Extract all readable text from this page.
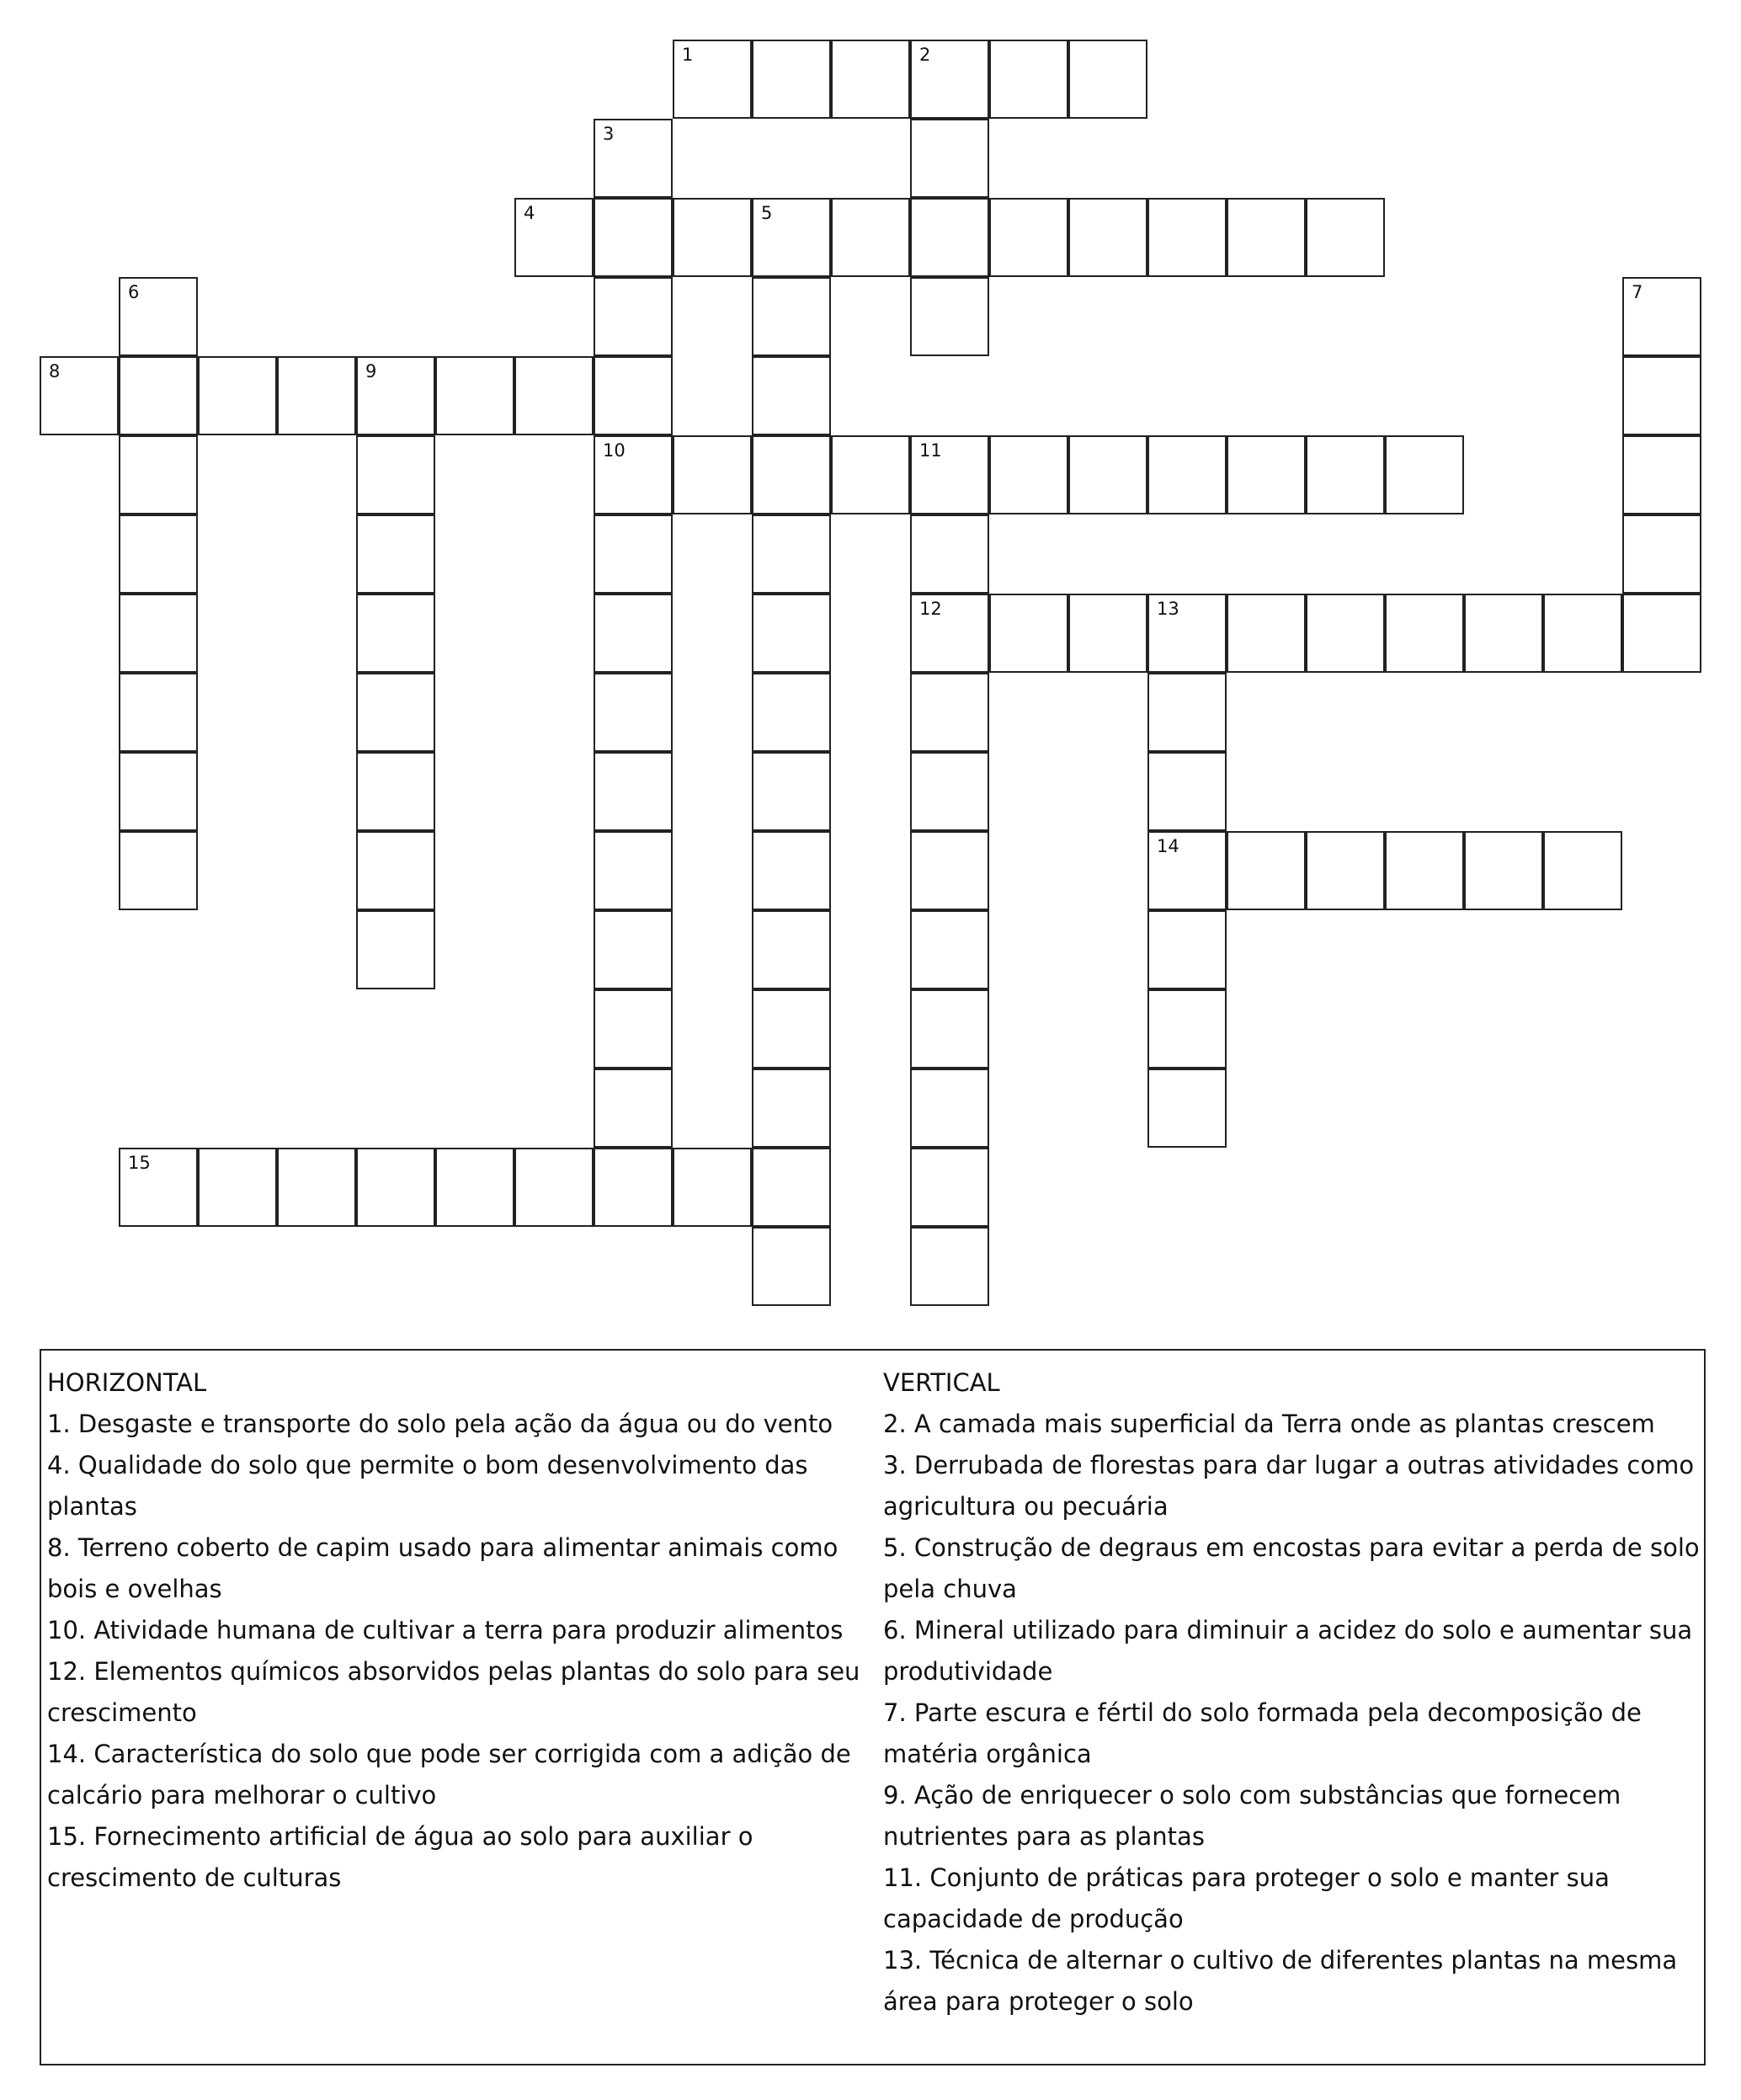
1	2
3
10
4	5
6	7
8	9
11
12	13
14
15
HORIZONTAL
1. Desgaste e transporte do solo pela ação da água ou do vento
4. Qualidade do solo que permite o bom desenvolvimento das plantas
8. Terreno coberto de capim usado para alimentar animais como bois e ovelhas
10. Atividade humana de cultivar a terra para produzir alimentos
12. Elementos químicos absorvidos pelas plantas do solo para seu crescimento
14. Característica do solo que pode ser corrigida com a adição de calcário para melhorar o cultivo
15. Fornecimento artificial de água ao solo para auxiliar o crescimento de culturas
VERTICAL
2. A camada mais superficial da Terra onde as plantas crescem
3. Derrubada de florestas para dar lugar a outras atividades como agricultura ou pecuária
5. Construção de degraus em encostas para evitar a perda de solo pela chuva
6. Mineral utilizado para diminuir a acidez do solo e aumentar sua produtividade
7. Parte escura e fértil do solo formada pela decomposição de matéria orgânica
9. Ação de enriquecer o solo com substâncias que fornecem nutrientes para as plantas
11. Conjunto de práticas para proteger o solo e manter sua capacidade de produção
13. Técnica de alternar o cultivo de diferentes plantas na mesma área para proteger o solo
